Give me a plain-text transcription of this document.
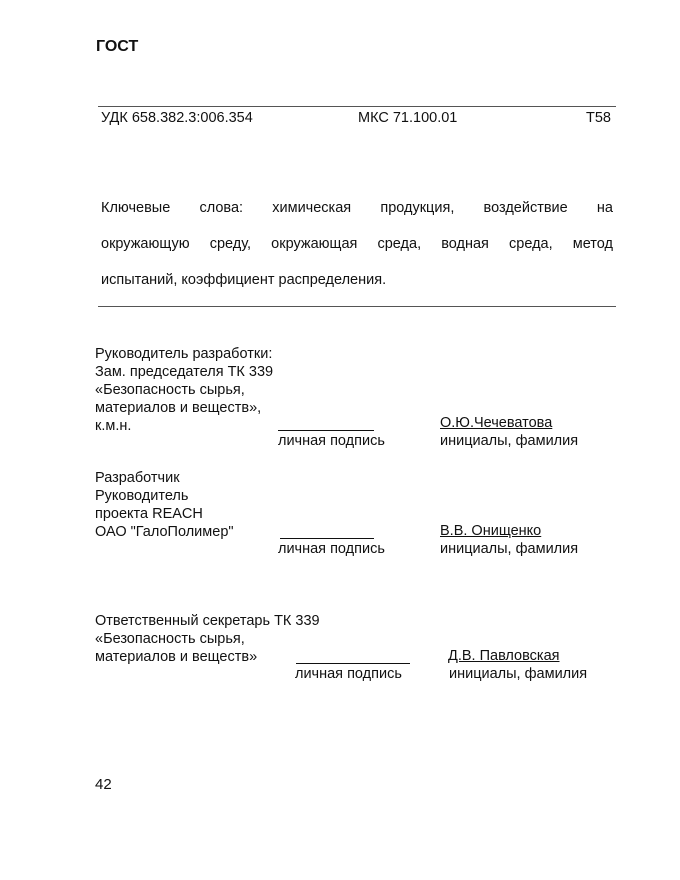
ГОСТ
УДК 658.382.3:006.354	МКС 71.100.01	T58
Ключевые слова: химическая продукция, воздействие на
окружающую среду, окружающая среда, водная среда, метод
испытаний, коэффициент распределения.
Руководитель разработки:
Зам. председателя ТК 339
«Безопасность сырья,
материалов и веществ»,
к.м.н.
личная подпись
О.Ю.Чечеватова
инициалы, фамилия
Разработчик
Руководитель
проекта REACH
ОАО "ГалоПолимер"
личная подпись
В.В. Онищенко
инициалы, фамилия
Ответственный секретарь ТК 339
«Безопасность сырья,
материалов и веществ»
личная подпись
Д.В. Павловская
инициалы, фамилия
42
